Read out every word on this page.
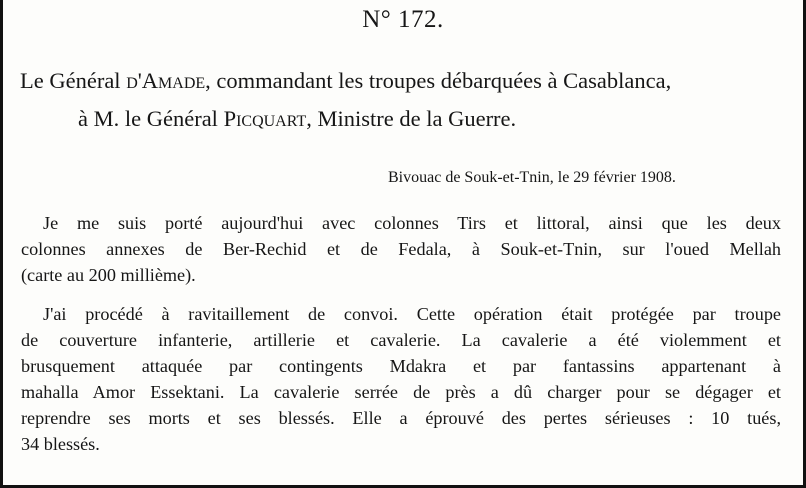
N° 172.
Le Général d'Amade, commandant les troupes débarquées à Casablanca,
à M. le Général Picquart, Ministre de la Guerre.
Bivouac de Souk-et-Tnin, le 29 février 1908.
Je me suis porté aujourd'hui avec colonnes Tirs et littoral, ainsi que les deux
colonnes annexes de Ber-Rechid et de Fedala, à Souk-et-Tnin, sur l'oued Mellah
(carte au 200 millième).
J'ai procédé à ravitaillement de convoi. Cette opération était protégée par troupe
de couverture infanterie, artillerie et cavalerie. La cavalerie a été violemment et
brusquement attaquée par contingents Mdakra et par fantassins appartenant à
mahalla Amor Essektani. La cavalerie serrée de près a dû charger pour se dégager et
reprendre ses morts et ses blessés. Elle a éprouvé des pertes sérieuses : 10 tués,
34 blessés.
